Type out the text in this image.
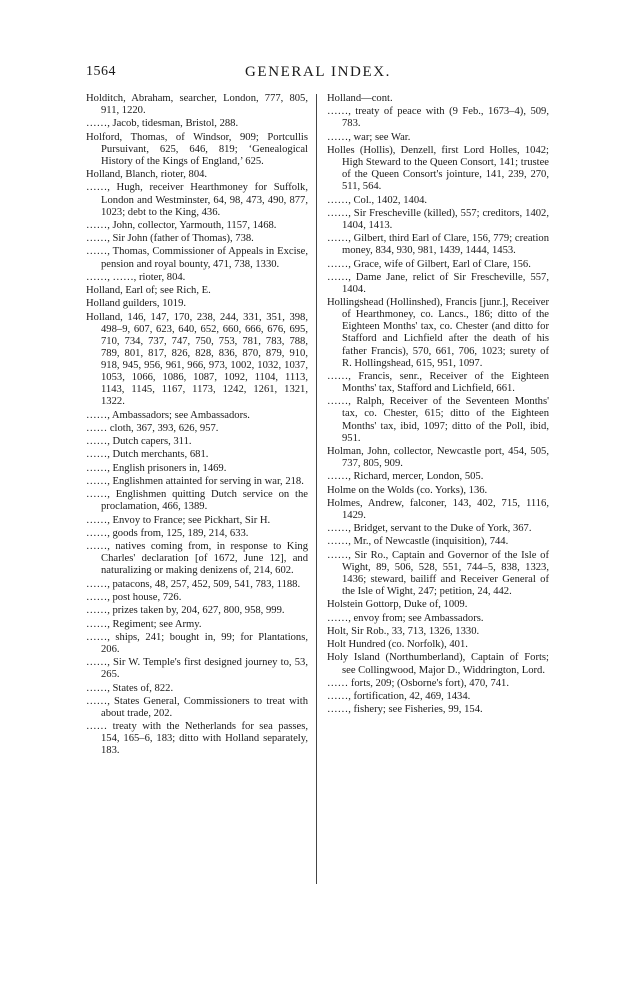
1564	GENERAL INDEX.
Holditch, Abraham, searcher, London, 777, 805, 911, 1220.
……, Jacob, tidesman, Bristol, 288.
Holford, Thomas, of Windsor, 909; Portcullis Pursuivant, 625, 646, 819; ‘Genealogical History of the Kings of England,’ 625.
Holland, Blanch, rioter, 804.
……, Hugh, receiver Hearthmoney for Suffolk, London and Westminster, 64, 98, 473, 490, 877, 1023; debt to the King, 436.
……, John, collector, Yarmouth, 1157, 1468.
……, Sir John (father of Thomas), 738.
……, Thomas, Commissioner of Appeals in Excise, pension and royal bounty, 471, 738, 1330.
……, ……, rioter, 804.
Holland, Earl of; see Rich, E.
Holland guilders, 1019.
Holland, 146, 147, 170, 238, 244, 331, 351, 398, 498–9, 607, 623, 640, 652, 660, 666, 676, 695, 710, 734, 737, 747, 750, 753, 781, 783, 788, 789, 801, 817, 826, 828, 836, 870, 879, 910, 918, 945, 956, 961, 966, 973, 1002, 1032, 1037, 1053, 1066, 1086, 1087, 1092, 1104, 1113, 1143, 1145, 1167, 1173, 1242, 1261, 1321, 1322.
……, Ambassadors; see Ambassadors.
…… cloth, 367, 393, 626, 957.
……, Dutch capers, 311.
……, Dutch merchants, 681.
……, English prisoners in, 1469.
……, Englishmen attainted for serving in war, 218.
……, Englishmen quitting Dutch service on the proclamation, 466, 1389.
……, Envoy to France; see Pickhart, Sir H.
……, goods from, 125, 189, 214, 633.
……, natives coming from, in response to King Charles' declaration [of 1672, June 12], and naturalizing or making denizens of, 214, 602.
……, patacons, 48, 257, 452, 509, 541, 783, 1188.
……, post house, 726.
……, prizes taken by, 204, 627, 800, 958, 999.
……, Regiment; see Army.
……, ships, 241; bought in, 99; for Plantations, 206.
……, Sir W. Temple's first designed journey to, 53, 265.
……, States of, 822.
……, States General, Commissioners to treat with about trade, 202.
…… treaty with the Netherlands for sea passes, 154, 165–6, 183; ditto with Holland separately, 183.
Holland—cont.
……, treaty of peace with (9 Feb., 1673–4), 509, 783.
……, war; see War.
Holles (Hollis), Denzell, first Lord Holles, 1042; High Steward to the Queen Consort, 141; trustee of the Queen Consort's jointure, 141, 239, 270, 511, 564.
……, Col., 1402, 1404.
……, Sir Frescheville (killed), 557; creditors, 1402, 1404, 1413.
……, Gilbert, third Earl of Clare, 156, 779; creation money, 834, 930, 981, 1439, 1444, 1453.
……, Grace, wife of Gilbert, Earl of Clare, 156.
……, Dame Jane, relict of Sir Frescheville, 557, 1404.
Hollingshead (Hollinshed), Francis [junr.], Receiver of Hearthmoney, co. Lancs., 186; ditto of the Eighteen Months' tax, co. Chester (and ditto for Stafford and Lichfield after the death of his father Francis), 570, 661, 706, 1023; surety of R. Hollingshead, 615, 951, 1097.
……, Francis, senr., Receiver of the Eighteen Months' tax, Stafford and Lichfield, 661.
……, Ralph, Receiver of the Seventeen Months' tax, co. Chester, 615; ditto of the Eighteen Months' tax, ibid, 1097; ditto of the Poll, ibid, 951.
Holman, John, collector, Newcastle port, 454, 505, 737, 805, 909.
……, Richard, mercer, London, 505.
Holme on the Wolds (co. Yorks), 136.
Holmes, Andrew, falconer, 143, 402, 715, 1116, 1429.
……, Bridget, servant to the Duke of York, 367.
……, Mr., of Newcastle (inquisition), 744.
……, Sir Ro., Captain and Governor of the Isle of Wight, 89, 506, 528, 551, 744–5, 838, 1323, 1436; steward, bailiff and Receiver General of the Isle of Wight, 247; petition, 24, 442.
Holstein Gottorp, Duke of, 1009.
……, envoy from; see Ambassadors.
Holt, Sir Rob., 33, 713, 1326, 1330.
Holt Hundred (co. Norfolk), 401.
Holy Island (Northumberland), Captain of Forts; see Collingwood, Major D., Widdrington, Lord.
…… forts, 209; (Osborne's fort), 470, 741.
……, fortification, 42, 469, 1434.
……, fishery; see Fisheries, 99, 154.
